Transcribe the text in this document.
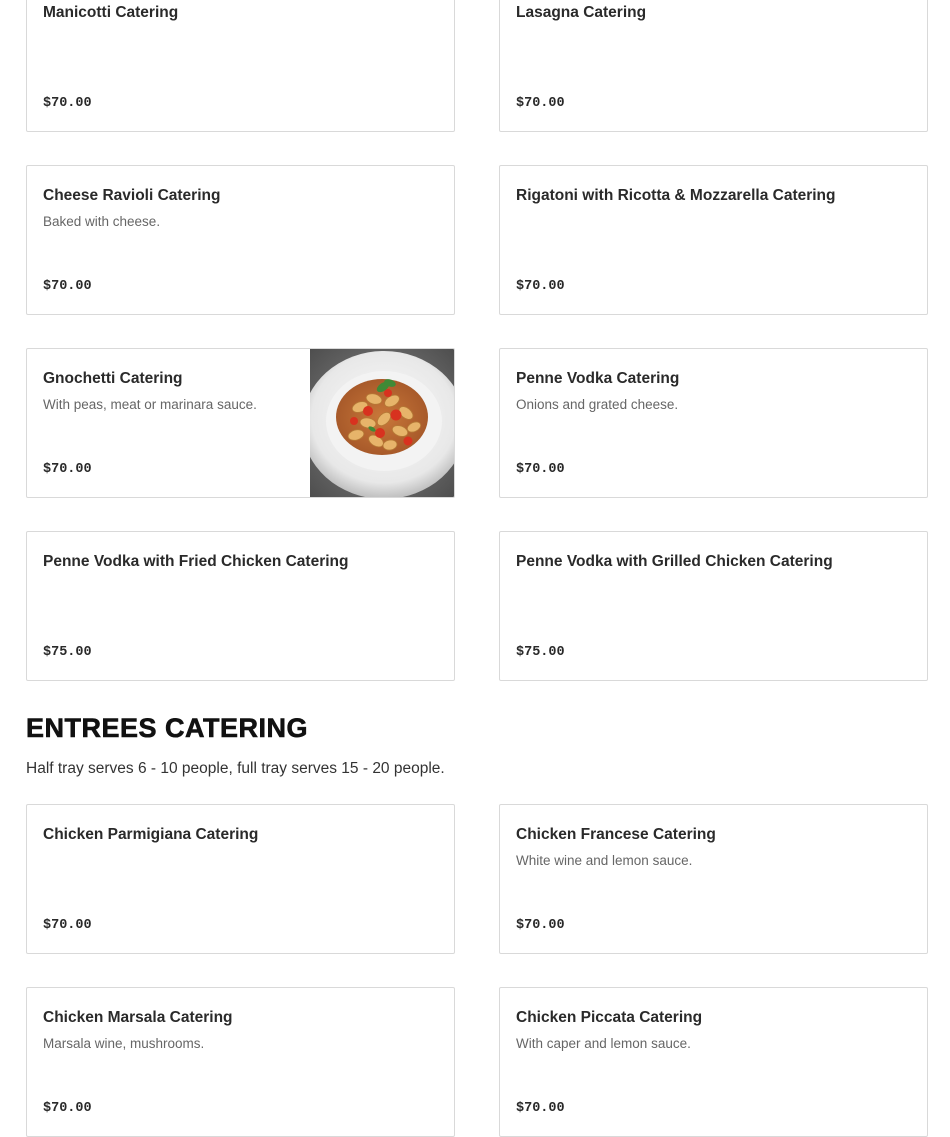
Manicotti Catering
$70.00
Lasagna Catering
$70.00
Cheese Ravioli Catering
Baked with cheese.
$70.00
Rigatoni with Ricotta & Mozzarella Catering
$70.00
Gnochetti Catering
With peas, meat or marinara sauce.
$70.00
Penne Vodka Catering
Onions and grated cheese.
$70.00
Penne Vodka with Fried Chicken Catering
$75.00
Penne Vodka with Grilled Chicken Catering
$75.00
ENTREES CATERING
Half tray serves 6 - 10 people, full tray serves 15 - 20 people.
Chicken Parmigiana Catering
$70.00
Chicken Francese Catering
White wine and lemon sauce.
$70.00
Chicken Marsala Catering
Marsala wine, mushrooms.
$70.00
Chicken Piccata Catering
With caper and lemon sauce.
$70.00
